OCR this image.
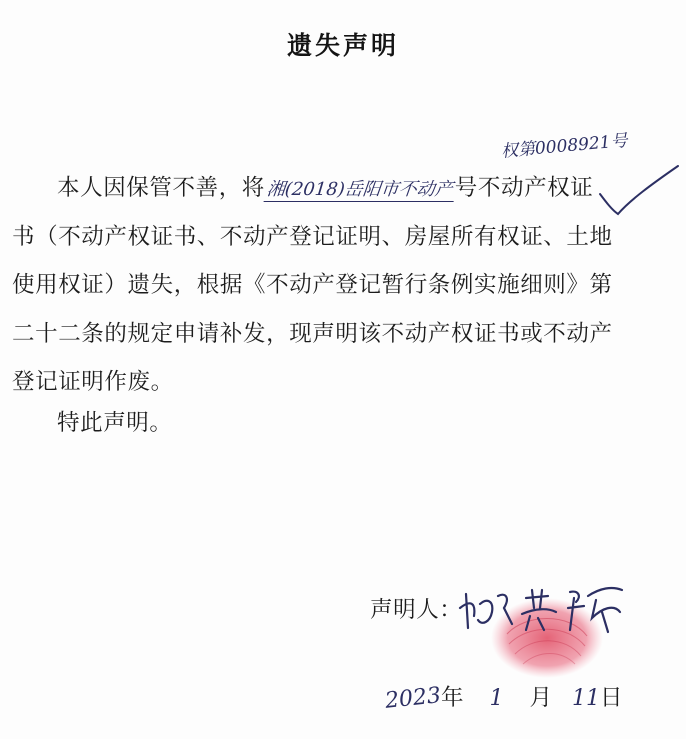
遗失声明
权第0008921号
本人因保管不善，将湘(2018)岳阳市不动产号不动产权证
书（不动产权证书、不动产登记证明、房屋所有权证、土地
使用权证）遗失，根据《不动产登记暂行条例实施细则》第
二十二条的规定申请补发，现声明该不动产权证书或不动产
登记证明作废。
特此声明。
声明人：
2023年 1 月 11日
